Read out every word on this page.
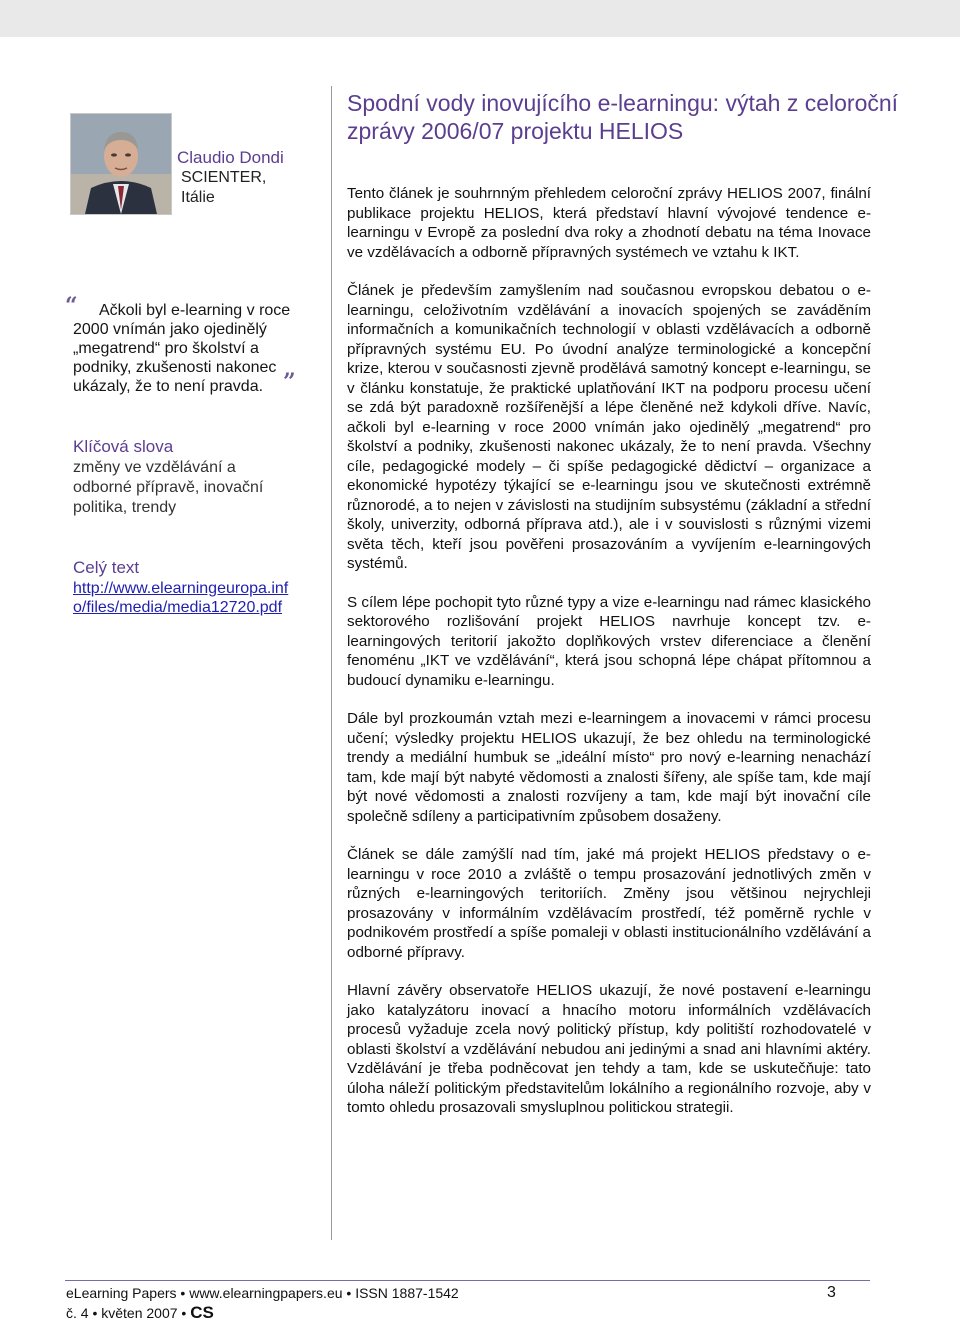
Claudio Dondi
SCIENTER,
Itálie
“	Ačkoli byl e-learning v roce

2000 vnímán jako ojedinělý
„megatrend“ pro školství a
podniky, zkušenosti nakonec
ukázaly, že to není pravda. ”
Klíčová slova
změny ve vzdělávání a
odborné přípravě, inovační
politika, trendy
Celý text
http://www.elearningeuropa.info/files/media/media12720.pdf
Spodní vody inovujícího e-learningu: výtah z celoroční zprávy 2006/07 projektu HELIOS

Tento článek je souhrnným přehledem celoroční zprávy HELIOS 2007, finální publikace projektu HELIOS, která představí hlavní vývojové tendence e-learningu v Evropě za poslední dva roky a zhodnotí debatu na téma Inovace ve vzdělávacích a odborně přípravných systémech ve vztahu k IKT.

Článek je především zamyšlením nad současnou evropskou debatou o e-learningu, celoživotním vzdělávání a inovacích spojených se zaváděním informačních a komunikačních technologií v oblasti vzdělávacích a odborně přípravných systému EU. Po úvodní analýze terminologické a koncepční krize, kterou v současnosti zjevně prodělává samotný koncept e-learningu, se v článku konstatuje, že praktické uplatňování IKT na podporu procesu učení se zdá být paradoxně rozšířenější a lépe členěné než kdykoli dříve. Navíc, ačkoli byl e-learning v roce 2000 vnímán jako ojedinělý „megatrend“ pro školství a podniky, zkušenosti nakonec ukázaly, že to není pravda. Všechny cíle, pedagogické modely – či spíše pedagogické dědictví – organizace a ekonomické hypotézy týkající se e-learningu jsou ve skutečnosti extrémně různorodé, a to nejen v závislosti na studijním subsystému (základní a střední školy, univerzity, odborná příprava atd.), ale i v souvislosti s různými vizemi světa těch, kteří jsou pověřeni prosazováním a vyvíjením e-learningových systémů.

S cílem lépe pochopit tyto různé typy a vize e-learningu nad rámec klasického sektorového rozlišování projekt HELIOS navrhuje koncept tzv. e-learningových teritorií jakožto doplňkových vrstev diferenciace a členění fenoménu „IKT ve vzdělávání“, která jsou schopná lépe chápat přítomnou a budoucí dynamiku e-learningu.

Dále byl prozkoumán vztah mezi e-learningem a inovacemi v rámci procesu učení; výsledky projektu HELIOS ukazují, že bez ohledu na terminologické trendy a mediální humbuk se „ideální místo“ pro nový e-learning nenachází tam, kde mají být nabyté vědomosti a znalosti šířeny, ale spíše tam, kde mají být nové vědomosti a znalosti rozvíjeny a tam, kde mají být inovační cíle společně sdíleny a participativním způsobem dosaženy.

Článek se dále zamýšlí nad tím, jaké má projekt HELIOS představy o e-learningu v roce 2010 a zvláště o tempu prosazování jednotlivých změn v různých e-learningových teritoriích. Změny jsou většinou nejrychleji prosazovány v informálním vzdělávacím prostředí, též poměrně rychle v podnikovém prostředí a spíše pomaleji v oblasti institucionálního vzdělávání a odborné přípravy.

Hlavní závěry observatoře HELIOS ukazují, že nové postavení e-learningu jako katalyzátoru inovací a hnacího motoru informálních vzdělávacích procesů vyžaduje zcela nový politický přístup, kdy politiští rozhodovatelé v oblasti školství a vzdělávání nebudou ani jedinými a snad ani hlavními aktéry. Vzdělávání je třeba podněcovat jen tehdy a tam, kde se uskutečňuje: tato úloha náleží politickým představitelům lokálního a regionálního rozvoje, aby v tomto ohledu prosazovali smysluplnou politickou strategii.

eLearning Papers • www.elearningpapers.eu • ISSN 1887-1542
č. 4 • květen 2007 • CS
3
